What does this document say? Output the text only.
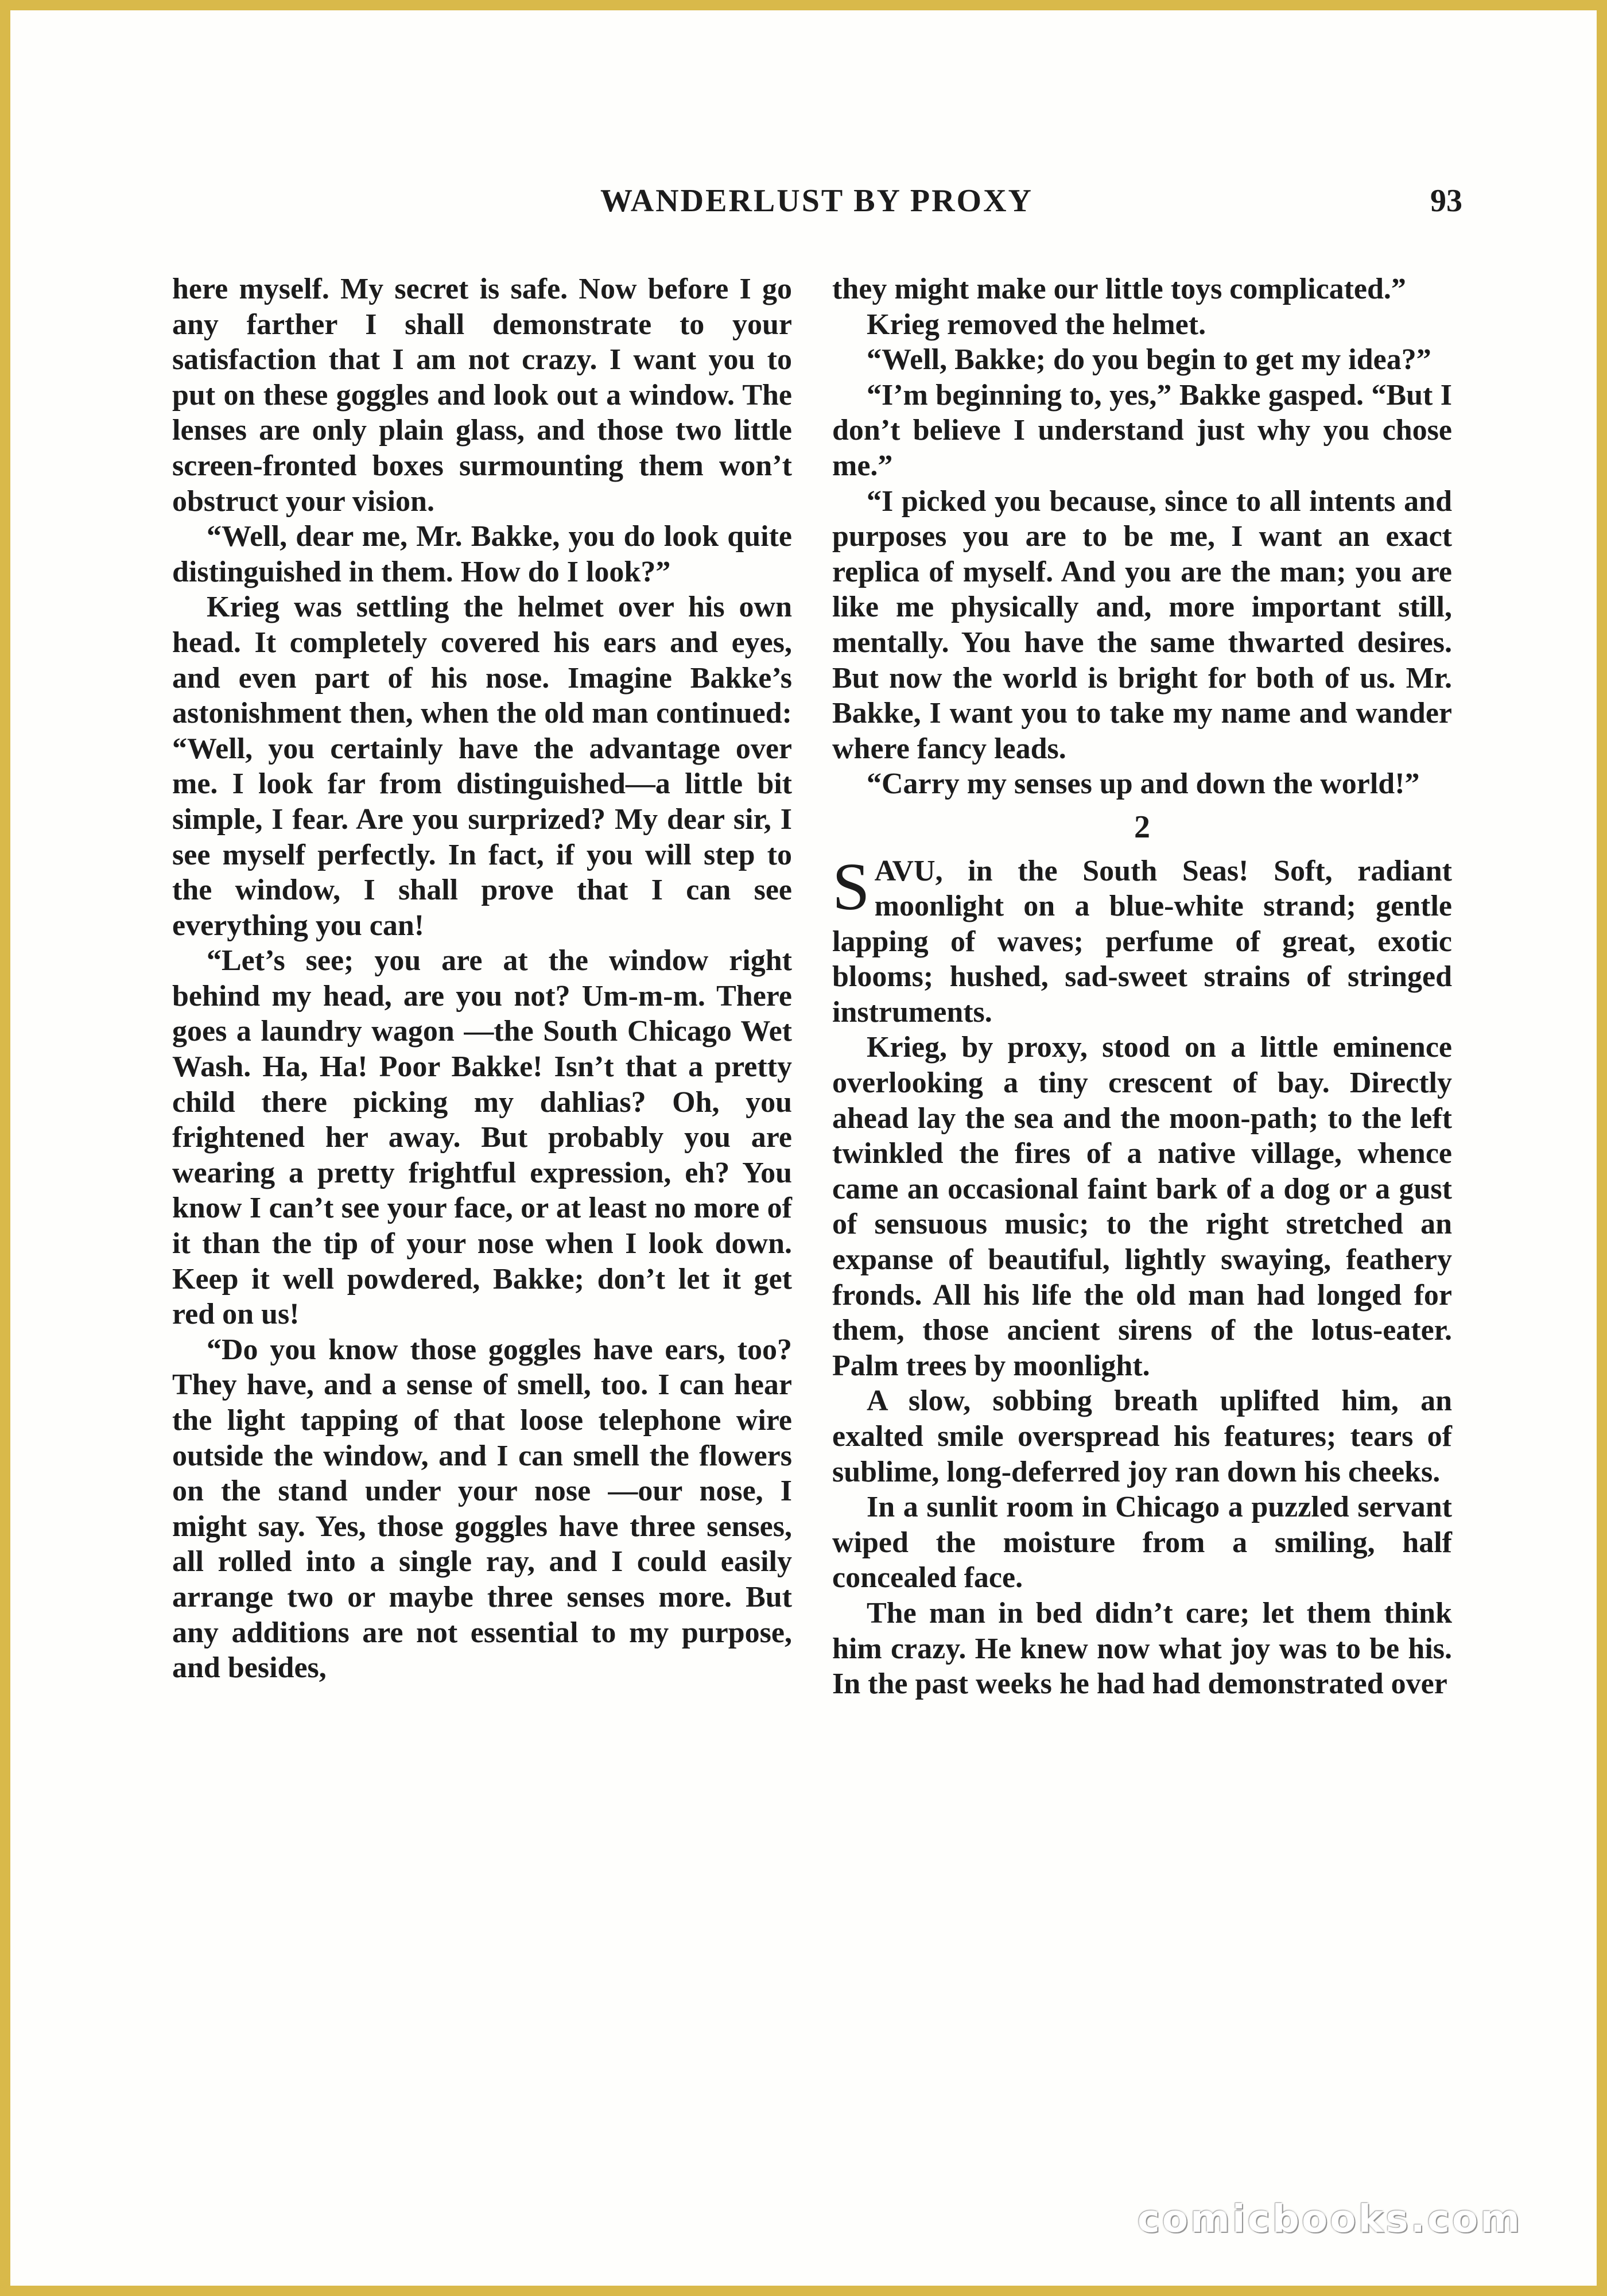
WANDERLUST BY PROXY	93

here myself. My secret is safe. Now before I go any farther I shall demonstrate to your satisfaction that I am not crazy. I want you to put on these goggles and look out a window. The lenses are only plain glass, and those two little screen-fronted boxes surmounting them won’t obstruct your vision.

“Well, dear me, Mr. Bakke, you do look quite distinguished in them. How do I look?”

Krieg was settling the helmet over his own head. It completely covered his ears and eyes, and even part of his nose. Imagine Bakke’s astonishment then, when the old man continued: “Well, you certainly have the advantage over me. I look far from distinguished—a little bit simple, I fear. Are you surprized? My dear sir, I see myself perfectly. In fact, if you will step to the window, I shall prove that I can see everything you can!

“Let’s see; you are at the window right behind my head, are you not? Um-m-m. There goes a laundry wagon —the South Chicago Wet Wash. Ha, Ha! Poor Bakke! Isn’t that a pretty child there picking my dahlias? Oh, you frightened her away. But probably you are wearing a pretty frightful expression, eh? You know I can’t see your face, or at least no more of it than the tip of your nose when I look down. Keep it well powdered, Bakke; don’t let it get red on us!

“Do you know those goggles have ears, too? They have, and a sense of smell, too. I can hear the light tapping of that loose telephone wire outside the window, and I can smell the flowers on the stand under your nose —our nose, I might say. Yes, those goggles have three senses, all rolled into a single ray, and I could easily arrange two or maybe three senses more. But any additions are not essential to my purpose, and besides,

they might make our little toys complicated.”

Krieg removed the helmet.

“Well, Bakke; do you begin to get my idea?”

“I’m beginning to, yes,” Bakke gasped. “But I don’t believe I understand just why you chose me.”

“I picked you because, since to all intents and purposes you are to be me, I want an exact replica of myself. And you are the man; you are like me physically and, more important still, mentally. You have the same thwarted desires. But now the world is bright for both of us. Mr. Bakke, I want you to take my name and wander where fancy leads.

“Carry my senses up and down the world!”

2

SAVU, in the South Seas! Soft, radiant moonlight on a blue-white strand; gentle lapping of waves; perfume of great, exotic blooms; hushed, sad-sweet strains of stringed instruments.

Krieg, by proxy, stood on a little eminence overlooking a tiny crescent of bay. Directly ahead lay the sea and the moon-path; to the left twinkled the fires of a native village, whence came an occasional faint bark of a dog or a gust of sensuous music; to the right stretched an expanse of beautiful, lightly swaying, feathery fronds. All his life the old man had longed for them, those ancient sirens of the lotus-eater. Palm trees by moonlight.

A slow, sobbing breath uplifted him, an exalted smile overspread his features; tears of sublime, long-deferred joy ran down his cheeks.

In a sunlit room in Chicago a puzzled servant wiped the moisture from a smiling, half concealed face.

The man in bed didn’t care; let them think him crazy. He knew now what joy was to be his. In the past weeks he had had demonstrated over

comicbooks.com
